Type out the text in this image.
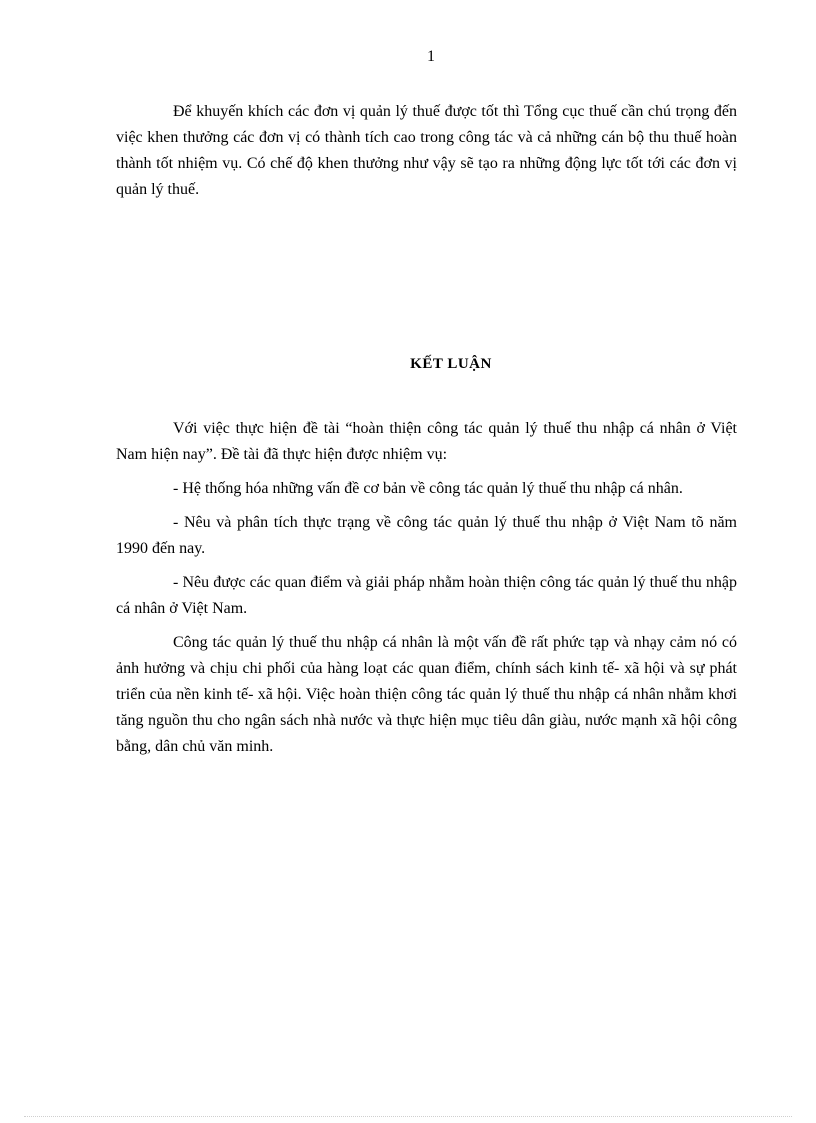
1

Để khuyến khích các đơn vị quản lý thuế được tốt thì Tổng cục thuế cần chú trọng đến việc khen thưởng các đơn vị có thành tích cao trong công tác và cả những cán bộ thu thuế hoàn thành tốt nhiệm vụ. Có chế độ khen thưởng như vậy sẽ tạo ra những động lực tốt tới các đơn vị quản lý thuế.

KẾT LUẬN

Với việc thực hiện đề tài “hoàn thiện công tác quản lý thuế thu nhập cá nhân ở Việt Nam hiện nay”. Đề tài đã thực hiện được nhiệm vụ:

- Hệ thống hóa những vấn đề cơ bản về công tác quản lý thuế thu nhập cá nhân.

- Nêu và phân tích thực trạng về công tác quản lý thuế thu nhập ở Việt Nam tõ năm 1990 đến nay.

- Nêu được các quan điểm và giải pháp nhằm hoàn thiện công tác quản lý thuế thu nhập cá nhân ở Việt Nam.

Công tác quản lý thuế thu nhập cá nhân là một vấn đề rất phức tạp và nhạy cảm nó có ảnh hưởng và chịu chi phối của hàng loạt các quan điểm, chính sách kinh tế- xã hội và sự phát triển của nền kinh tế- xã hội. Việc hoàn thiện công tác quản lý thuế thu nhập cá nhân nhằm khơi tăng nguồn thu cho ngân sách nhà nước và thực hiện mục tiêu dân giàu, nước mạnh xã hội công bằng, dân chủ văn minh.
